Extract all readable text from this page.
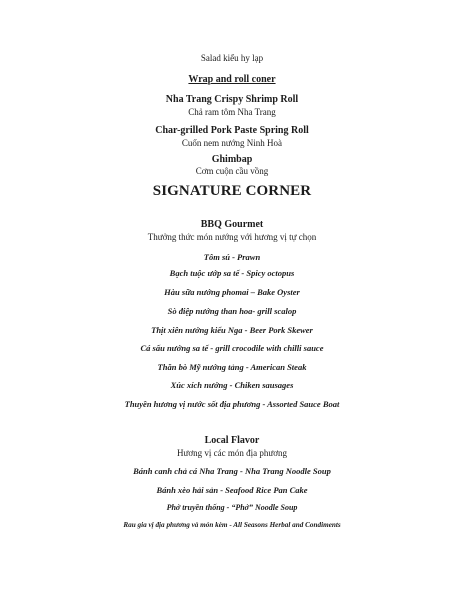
Salad kiểu hy lạp
Wrap and roll coner
Nha Trang Crispy Shrimp Roll
Chả ram tôm Nha Trang
Char-grilled Pork Paste Spring Roll
Cuốn nem nướng Ninh Hoà
Ghimbap
Cơm cuộn cầu vồng
SIGNATURE CORNER
BBQ Gourmet
Thưởng thức món nướng với hương vị tự chọn
Tôm sú - Prawn
Bạch tuộc ướp sa tế - Spicy octopus
Hàu sữa nướng phomai – Bake Oyster
Sò điệp nướng than hoa- grill scalop
Thịt xiên nướng kiểu Nga - Beer Pork Skewer
Cá sấu nướng sa tế - grill crocodile with chilli sauce
Thăn bò Mỹ nướng tảng - American Steak
Xúc xích nướng - Chiken sausages
Thuyền hương vị nước sốt địa phương - Assorted Sauce Boat
Local Flavor
Hương vị các món địa phương
Bánh canh chả cá Nha Trang - Nha Trang Noodle Soup
Bánh xèo hải sản - Seafood Rice Pan Cake
Phở truyền thống - “Phở” Noodle Soup
Rau gia vị địa phương và món kèm - All Seasons Herbal and Condiments
